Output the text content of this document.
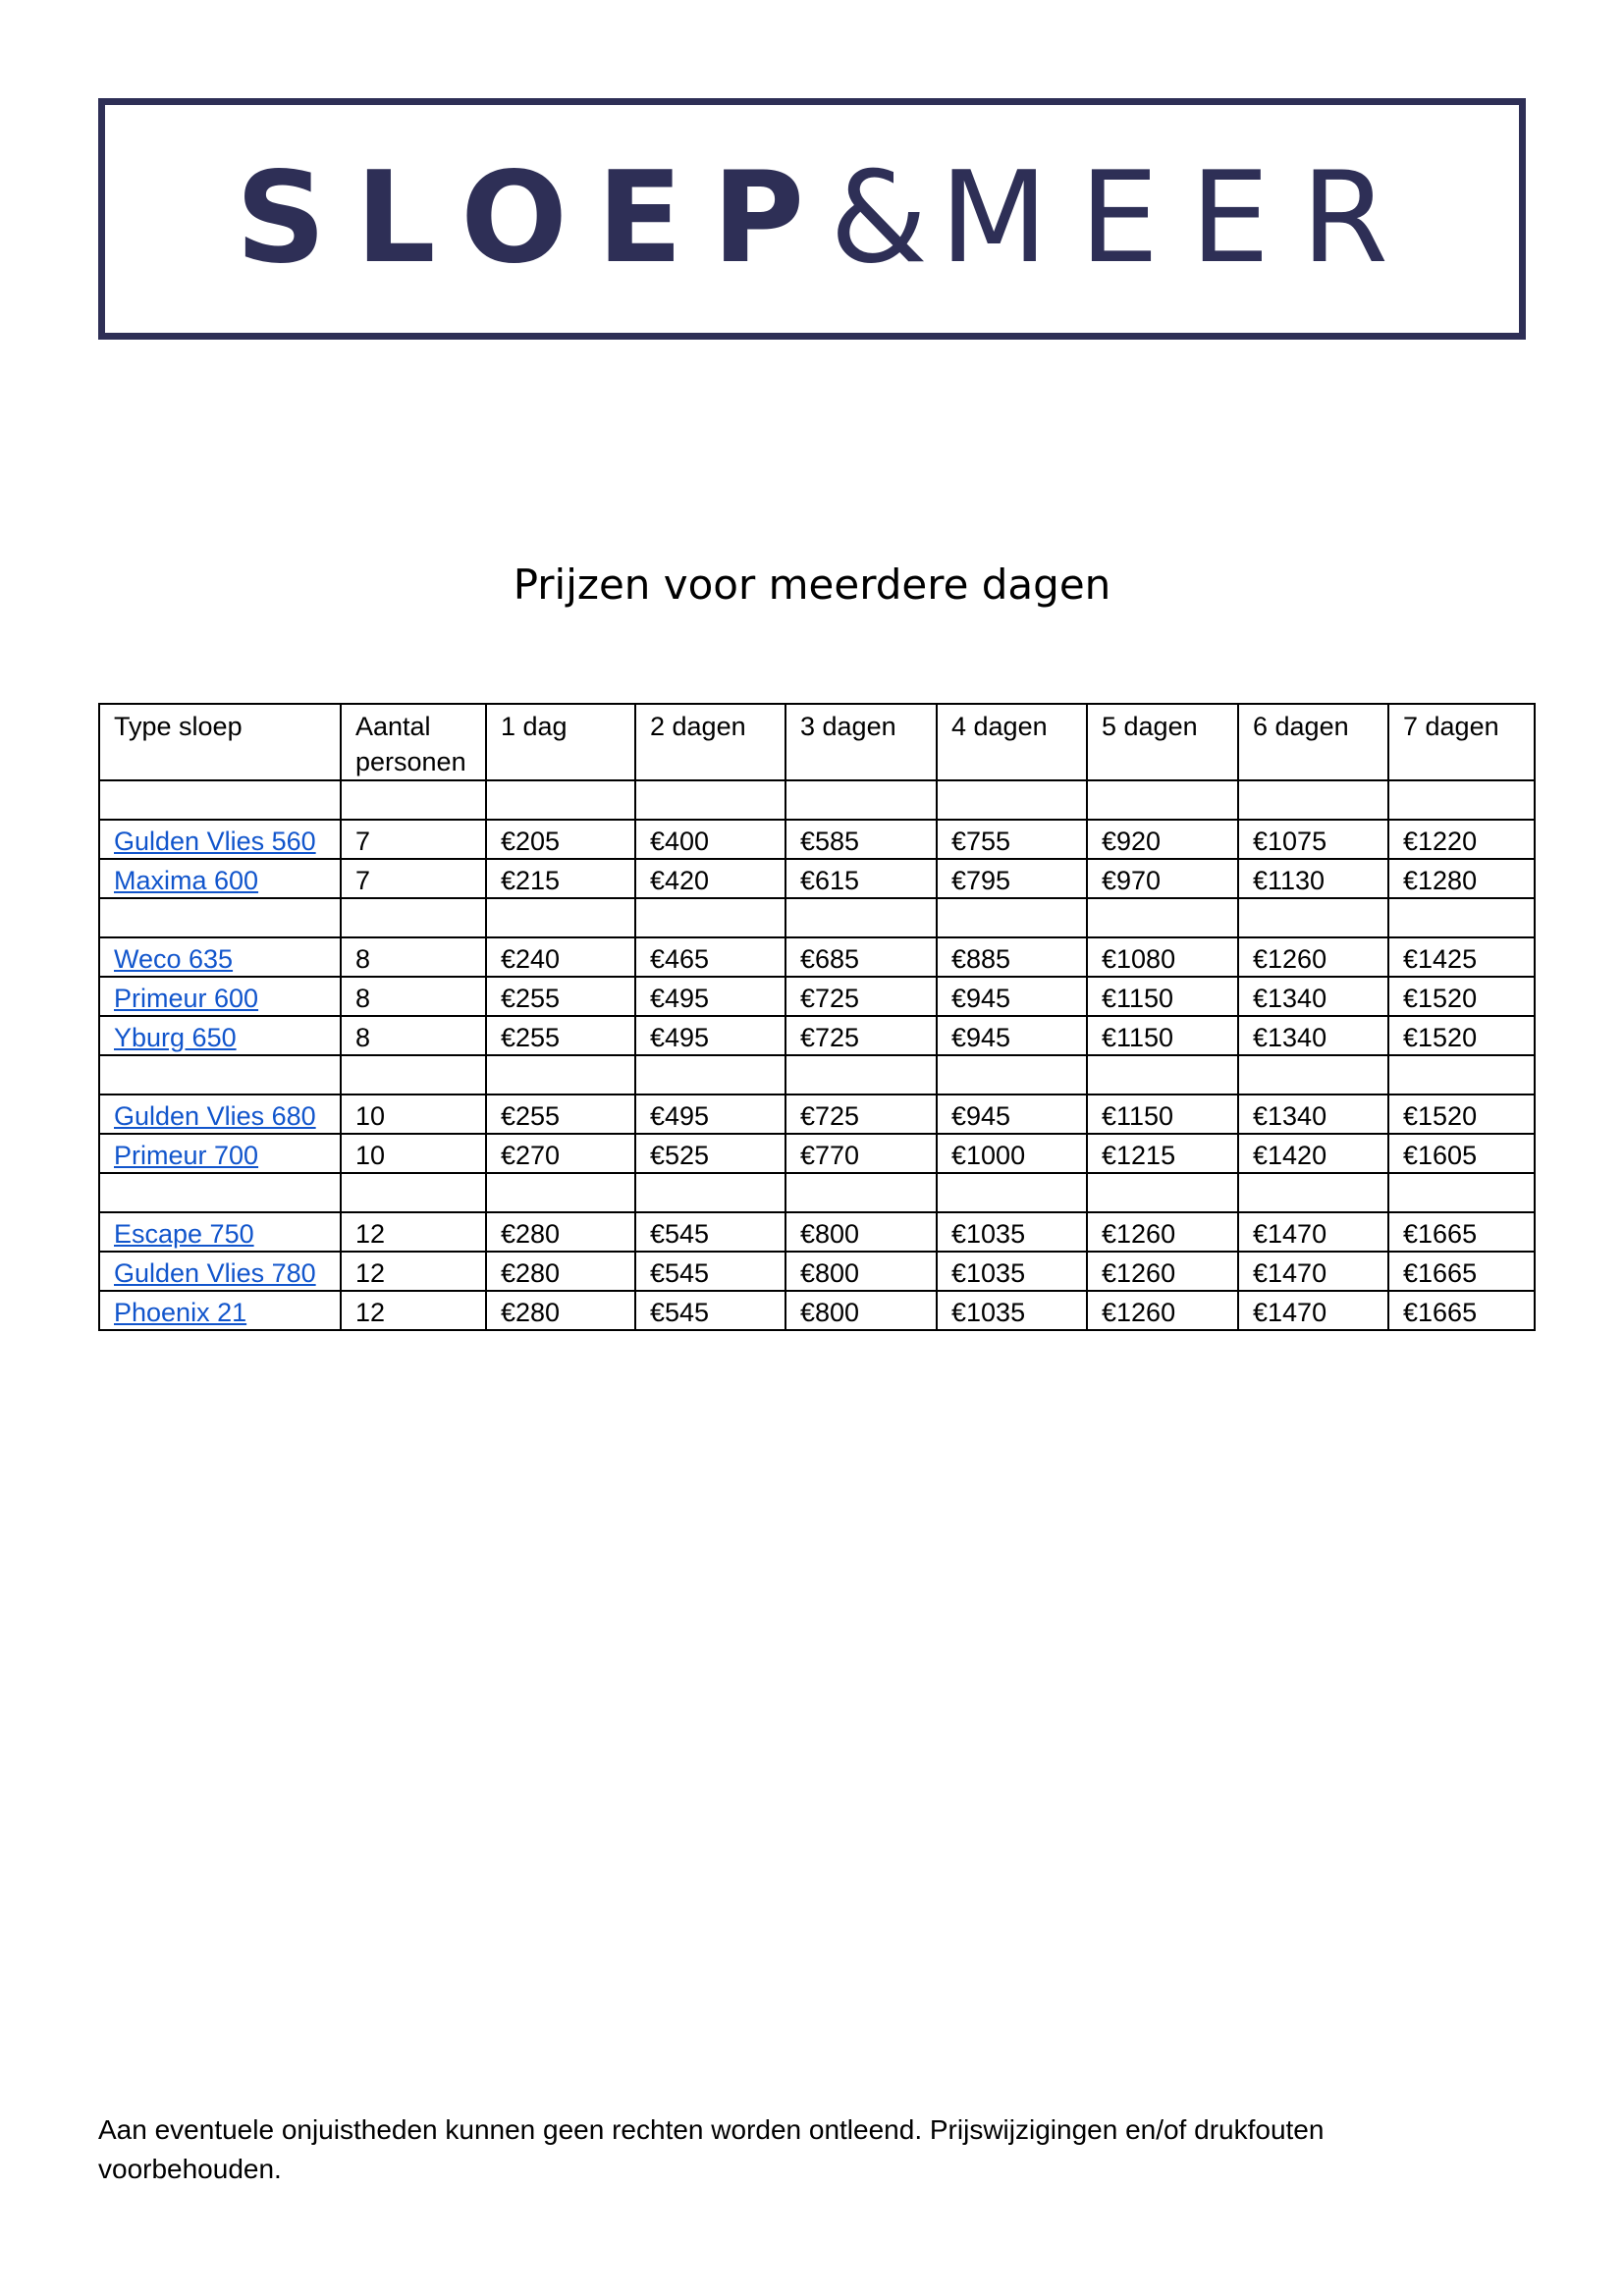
SLOEP
& MEER
Prijzen voor meerdere dagen
Type sloep	Aantal personen	1 dag	2 dagen	3 dagen	4 dagen	5 dagen	6 dagen	7 dagen

Gulden Vlies 560	7	€205	€400	€585	€755	€920	€1075	€1220
Maxima 600	7	€215	€420	€615	€795	€970	€1130	€1280

Weco 635	8	€240	€465	€685	€885	€1080	€1260	€1425
Primeur 600	8	€255	€495	€725	€945	€1150	€1340	€1520
Yburg 650	8	€255	€495	€725	€945	€1150	€1340	€1520

Gulden Vlies 680	10	€255	€495	€725	€945	€1150	€1340	€1520
Primeur 700	10	€270	€525	€770	€1000	€1215	€1420	€1605

Escape 750	12	€280	€545	€800	€1035	€1260	€1470	€1665
Gulden Vlies 780	12	€280	€545	€800	€1035	€1260	€1470	€1665
Phoenix 21	12	€280	€545	€800	€1035	€1260	€1470	€1665
Aan eventuele onjuistheden kunnen geen rechten worden ontleend. Prijswijzigingen en/of drukfouten voorbehouden.
